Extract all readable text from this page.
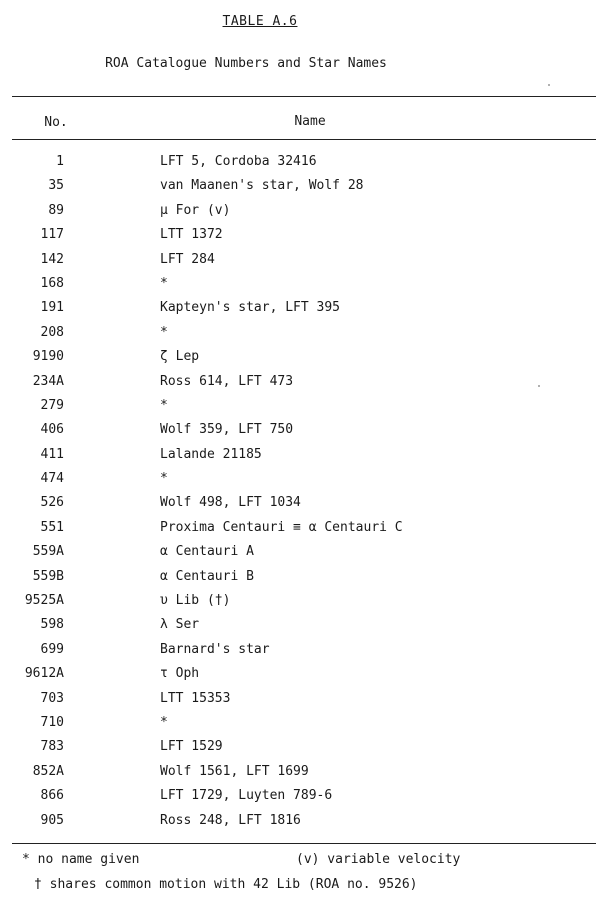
TABLE A.6
ROA Catalogue Numbers and Star Names
No.	Name
1	LFT 5, Cordoba 32416
35	van Maanen's star, Wolf 28
89	μ For (v)
117	LTT 1372
142	LFT 284
168	*
191	Kapteyn's star, LFT 395
208	*
9190	ζ Lep
234A	Ross 614, LFT 473
279	*
406	Wolf 359, LFT 750
411	Lalande 21185
474	*
526	Wolf 498, LFT 1034
551	Proxima Centauri ≡ α Centauri C
559A	α Centauri A
559B	α Centauri B
9525A	υ Lib (†)
598	λ Ser
699	Barnard's star
9612A	τ Oph
703	LTT 15353
710	*
783	LFT 1529
852A	Wolf 1561, LFT 1699
866	LFT 1729, Luyten 789-6
905	Ross 248, LFT 1816
* no name given	(v) variable velocity
† shares common motion with 42 Lib (ROA no. 9526)
